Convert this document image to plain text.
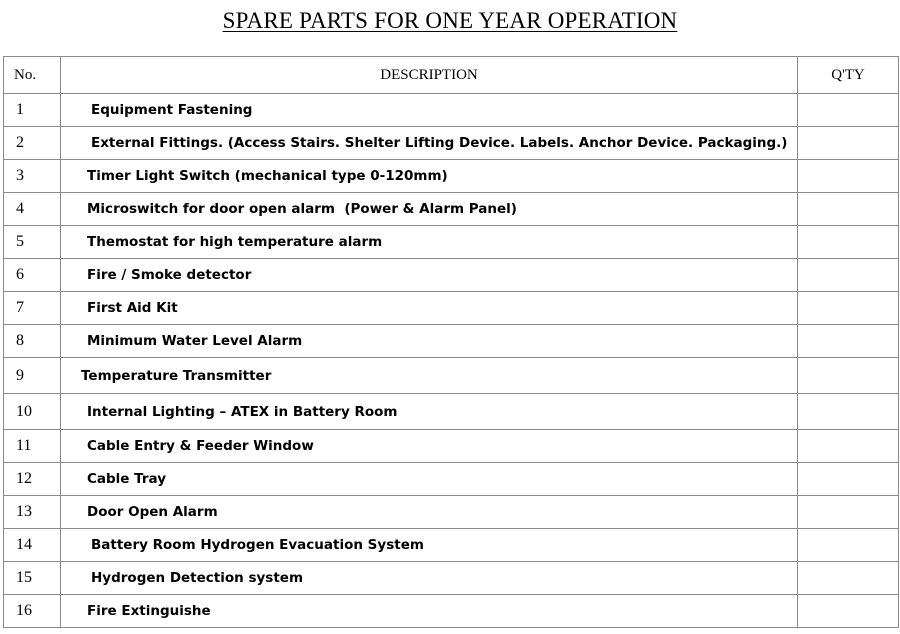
SPARE PARTS FOR ONE YEAR OPERATION
No.	DESCRIPTION	Q'TY
1	Equipment Fastening	
2	External Fittings. (Access Stairs. Shelter Lifting Device. Labels. Anchor Device. Packaging.)	
3	Timer Light Switch (mechanical type 0-120mm)	
4	Microswitch for door open alarm  (Power & Alarm Panel)	
5	Themostat for high temperature alarm	
6	Fire / Smoke detector	
7	First Aid Kit	
8	Minimum Water Level Alarm	
9	Temperature Transmitter	
10	Internal Lighting – ATEX in Battery Room	
11	Cable Entry & Feeder Window	
12	Cable Tray	
13	Door Open Alarm	
14	Battery Room Hydrogen Evacuation System	
15	Hydrogen Detection system	
16	Fire Extinguishe	
